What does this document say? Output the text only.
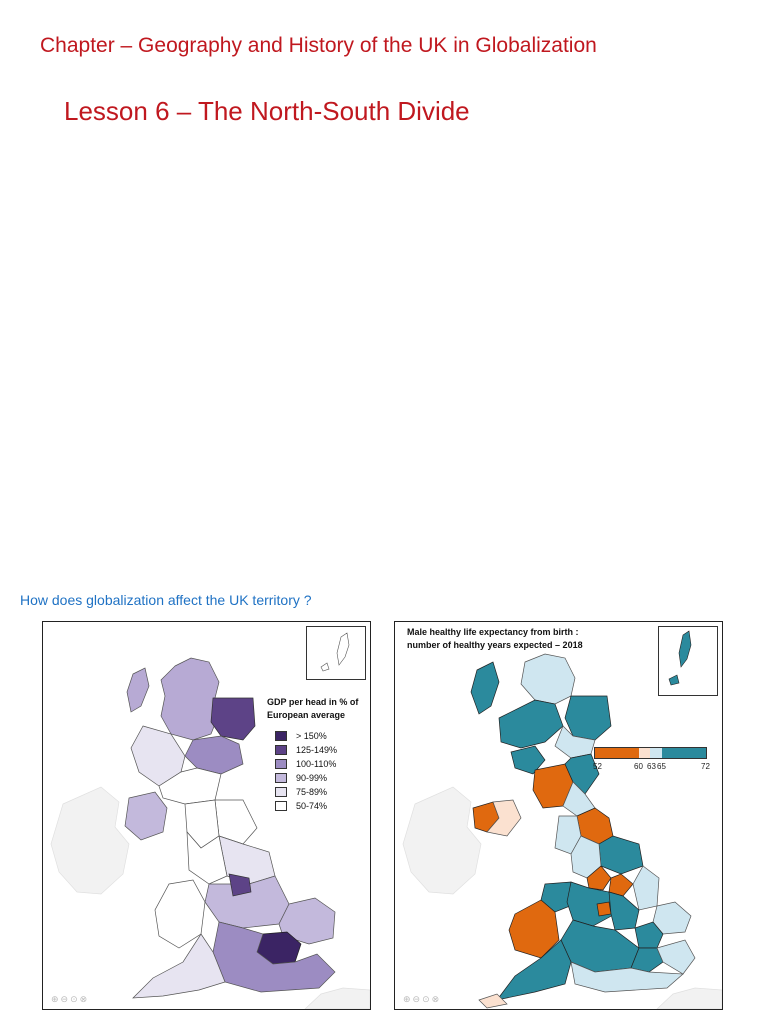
Chapter – Geography and History of the UK in Globalization
Lesson 6 – The North-South Divide
How does globalization affect the UK territory ?
GDP per head in % of
European average
> 150%
125-149%
100-110%
90-99%
75-89%
50-74%
⊕⊖⊙⊗
Male healthy life expectancy from birth :
number of healthy years expected – 2018
52	60 63 65	72
⊕⊖⊙⊗
